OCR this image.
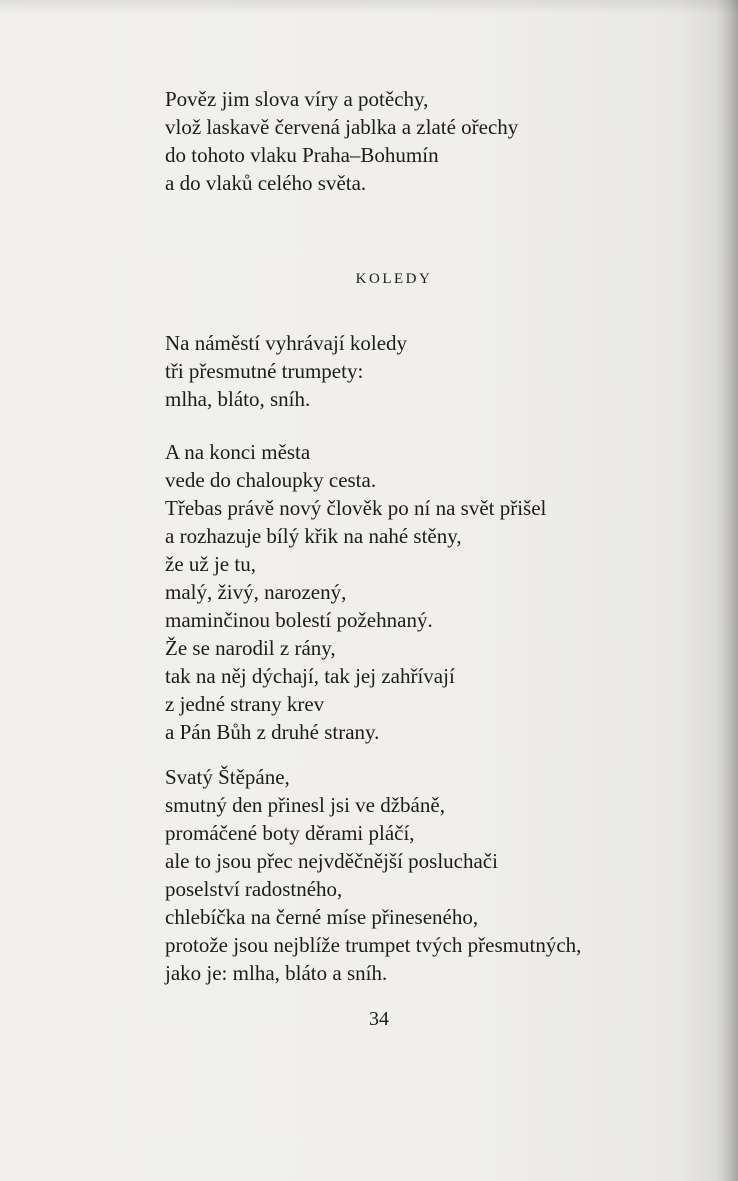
Pověz jim slova víry a potěchy,
vlož laskavě červená jablka a zlaté ořechy
do tohoto vlaku Praha–Bohumín
a do vlaků celého světa.
KOLEDY
Na náměstí vyhrávají koledy
tři přesmutné trumpety:
mlha, bláto, sníh.
A na konci města
vede do chaloupky cesta.
Třebas právě nový člověk po ní na svět přišel
a rozhazuje bílý křik na nahé stěny,
že už je tu,
malý, živý, narozený,
maminčinou bolestí požehnaný.
Že se narodil z rány,
tak na něj dýchají, tak jej zahřívají
z jedné strany krev
a Pán Bůh z druhé strany.
Svatý Štěpáne,
smutný den přinesl jsi ve džbáně,
promáčené boty děrami pláčí,
ale to jsou přec nejvděčnější posluchači
poselství radostného,
chlebíčka na černé míse přineseného,
protože jsou nejblíže trumpet tvých přesmutných,
jako je: mlha, bláto a sníh.
34
